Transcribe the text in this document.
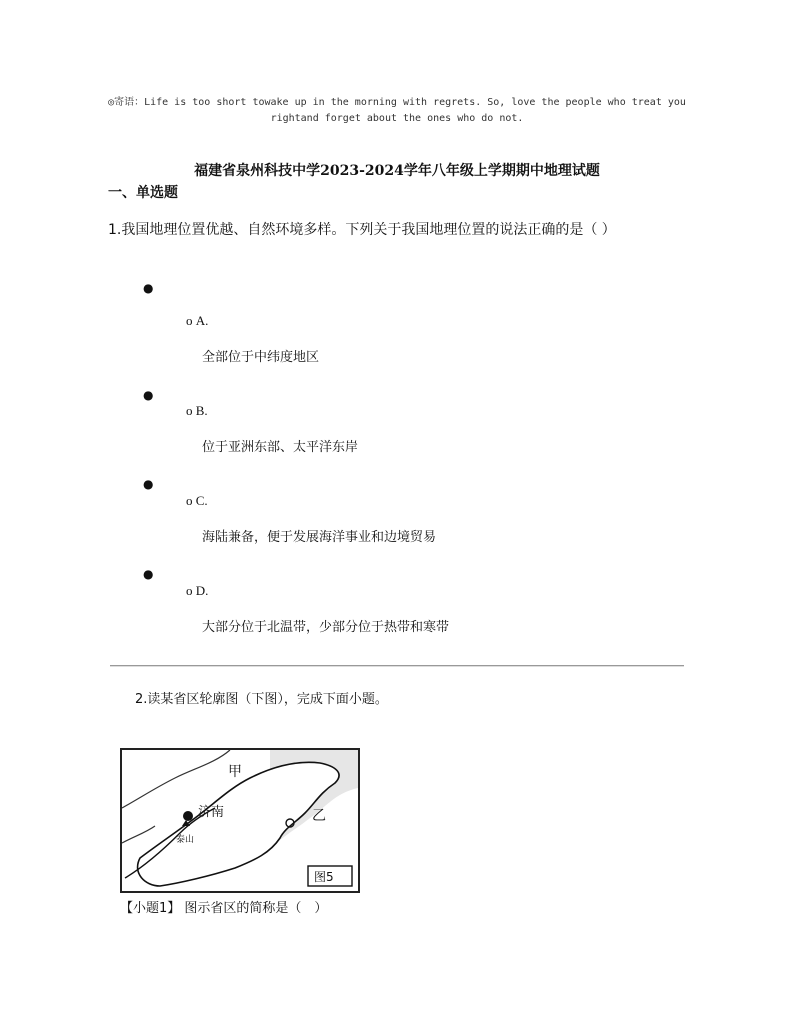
◎寄语：Life is too short towake up in the morning with regrets. So, love the people who treat you rightand forget about the ones who do not.
福建省泉州科技中学2023-2024学年八年级上学期期中地理试题
一、单选题
1.我国地理位置优越、自然环境多样。下列关于我国地理位置的说法正确的是（ ）
●
o A.
全部位于中纬度地区
●
o B.
位于亚洲东部、太平洋东岸
●
o C.
海陆兼备，便于发展海洋事业和边境贸易
●
o D.
大部分位于北温带，少部分位于热带和寒带
2.读某省区轮廓图（下图），完成下面小题。
甲
乙
济南
泰山
图5
【小题1】 图示省区的简称是（　）
